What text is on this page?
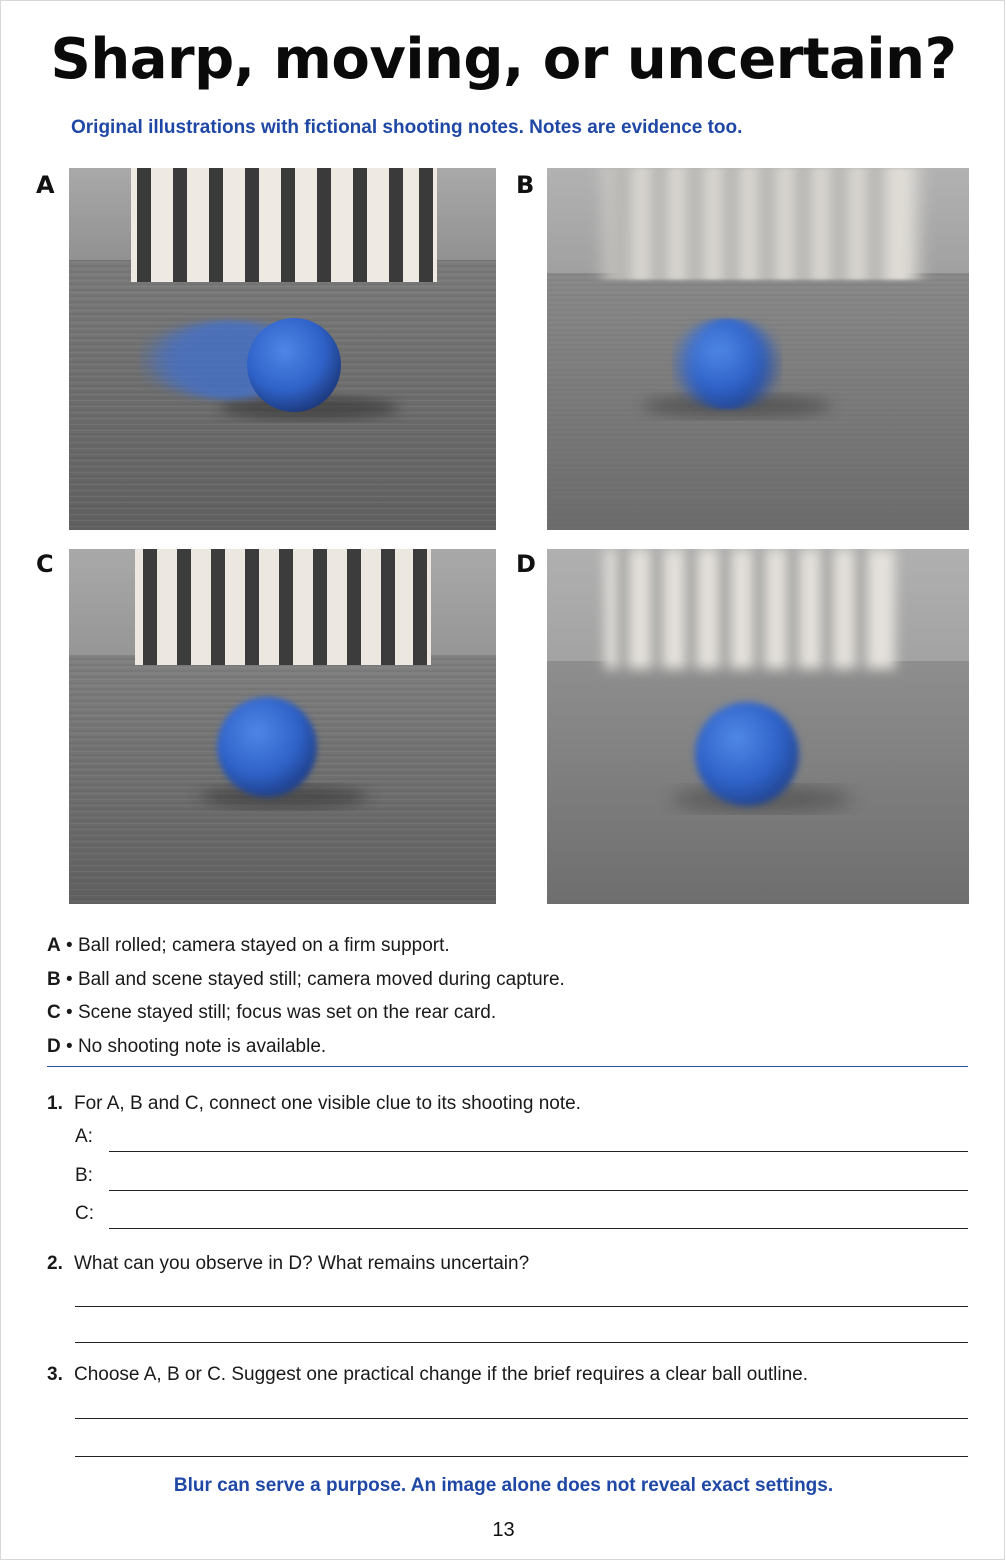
Sharp, moving, or uncertain?
Original illustrations with fictional shooting notes. Notes are evidence too.
A	B
C	D
A • Ball rolled; camera stayed on a firm support.
B • Ball and scene stayed still; camera moved during capture.
C • Scene stayed still; focus was set on the rear card.
D • No shooting note is available.
1. For A, B and C, connect one visible clue to its shooting note.
A:
B:
C:
2. What can you observe in D? What remains uncertain?
3. Choose A, B or C. Suggest one practical change if the brief requires a clear ball outline.
Blur can serve a purpose. An image alone does not reveal exact settings.
13
